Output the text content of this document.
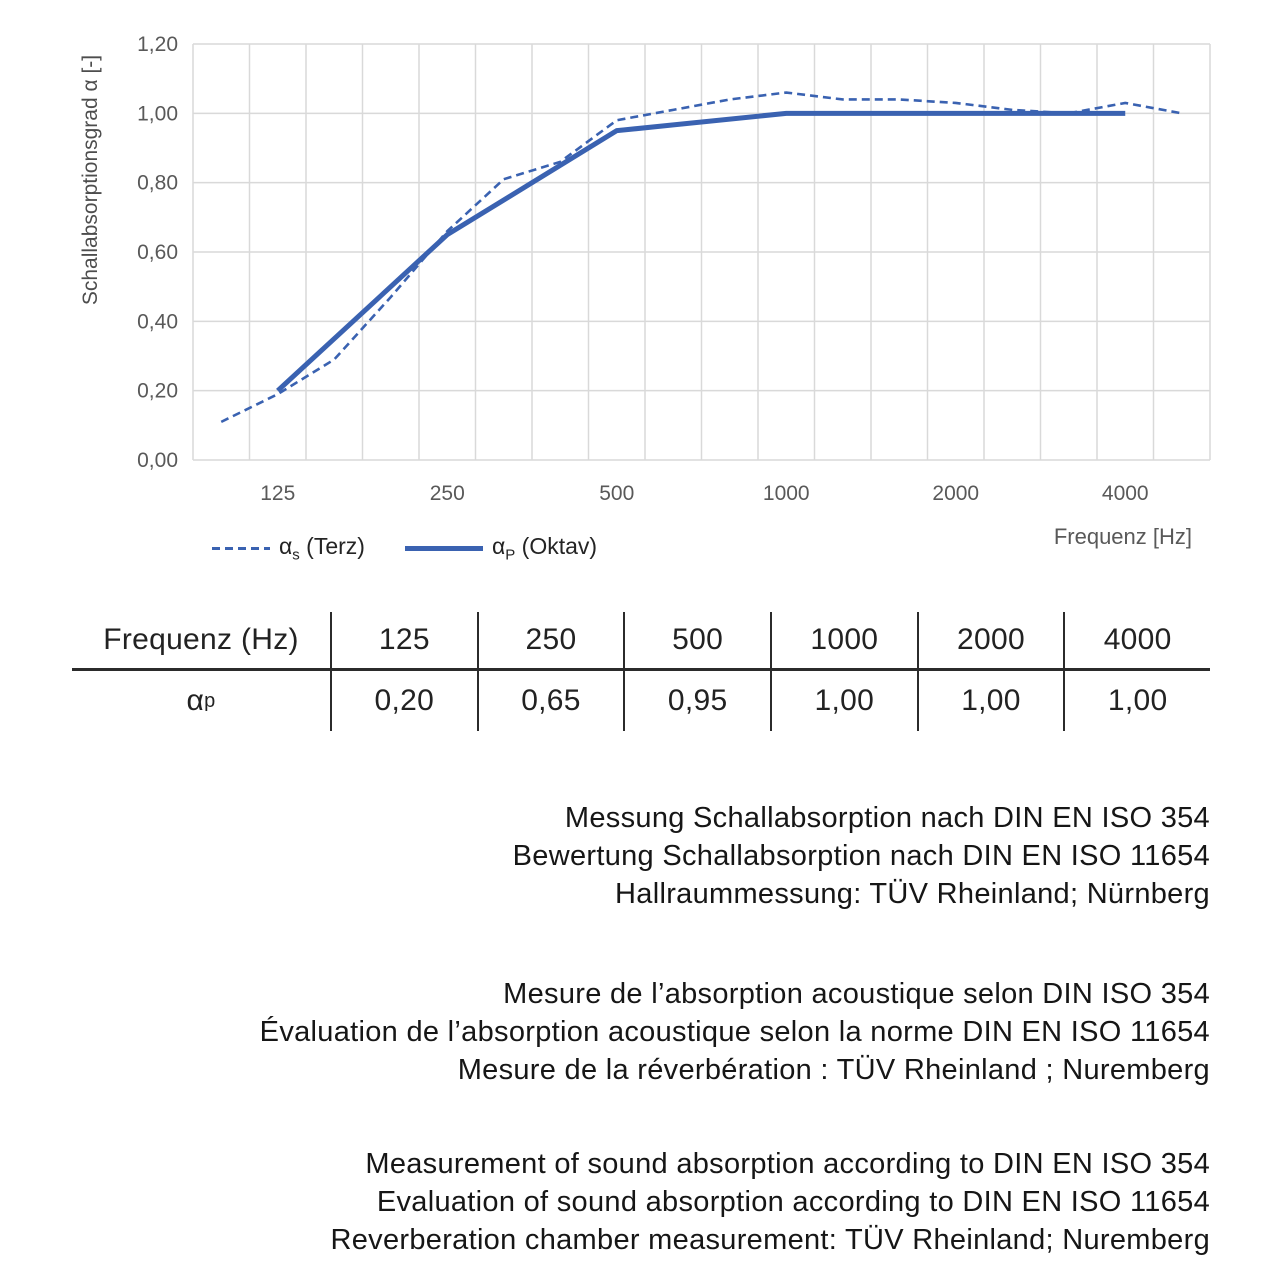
0,00
0,20
0,40
0,60
0,80
1,00
1,20
125	250	500	1000	2000	4000
Schallabsorptionsgrad α [-]
Frequenz [Hz]
$\alpha_s$ (Terz)	$\alpha_P$ (Oktav)
Frequenz (Hz)	125	250	500	1000	2000	4000
α p	0,20	0,65	0,95	1,00	1,00	1,00
Messung Schallabsorption nach DIN EN ISO 354
Bewertung Schallabsorption nach DIN EN ISO 11654
Hallraummessung: TÜV Rheinland; Nürnberg
Mesure de l’absorption acoustique selon DIN ISO 354
Évaluation de l’absorption acoustique selon la norme DIN EN ISO 11654
Mesure de la réverbération : TÜV Rheinland ; Nuremberg
Measurement of sound absorption according to DIN EN ISO 354
Evaluation of sound absorption according to DIN EN ISO 11654
Reverberation chamber measurement: TÜV Rheinland; Nuremberg
